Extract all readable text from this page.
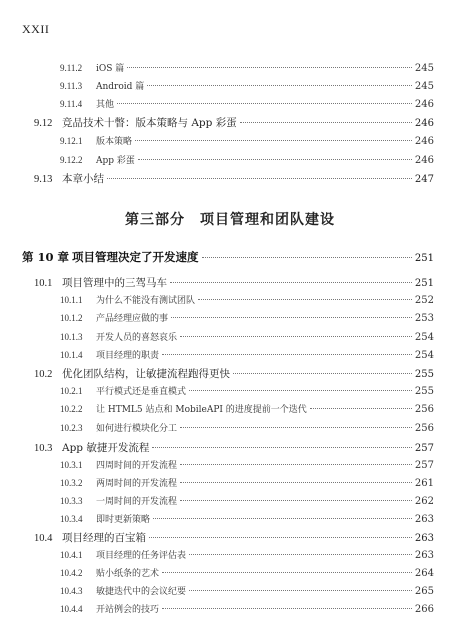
XXII
9.11.2	iOS 篇	245
9.11.3	Android 篇	245
9.11.4	其他	246
9.12 竞品技术十瞥：版本策略与 App 彩蛋	246
9.12.1	版本策略	246
9.12.2	App 彩蛋	246
9.13 本章小结	247
第三部分　项目管理和团队建设
第 10 章 项目管理决定了开发速度	251
10.1 项目管理中的三驾马车	251
10.1.1	为什么不能没有测试团队	252
10.1.2	产品经理应做的事	253
10.1.3	开发人员的喜怒哀乐	254
10.1.4	项目经理的职责	254
10.2 优化团队结构，让敏捷流程跑得更快	255
10.2.1	平行模式还是垂直模式	255
10.2.2	让 HTML5 站点和 MobileAPI 的进度提前一个迭代	256
10.2.3	如何进行模块化分工	256
10.3 App 敏捷开发流程	257
10.3.1	四周时间的开发流程	257
10.3.2	两周时间的开发流程	261
10.3.3	一周时间的开发流程	262
10.3.4	即时更新策略	263
10.4 项目经理的百宝箱	263
10.4.1	项目经理的任务评估表	263
10.4.2	贴小纸条的艺术	264
10.4.3	敏捷迭代中的会议纪要	265
10.4.4	开站例会的技巧	266
